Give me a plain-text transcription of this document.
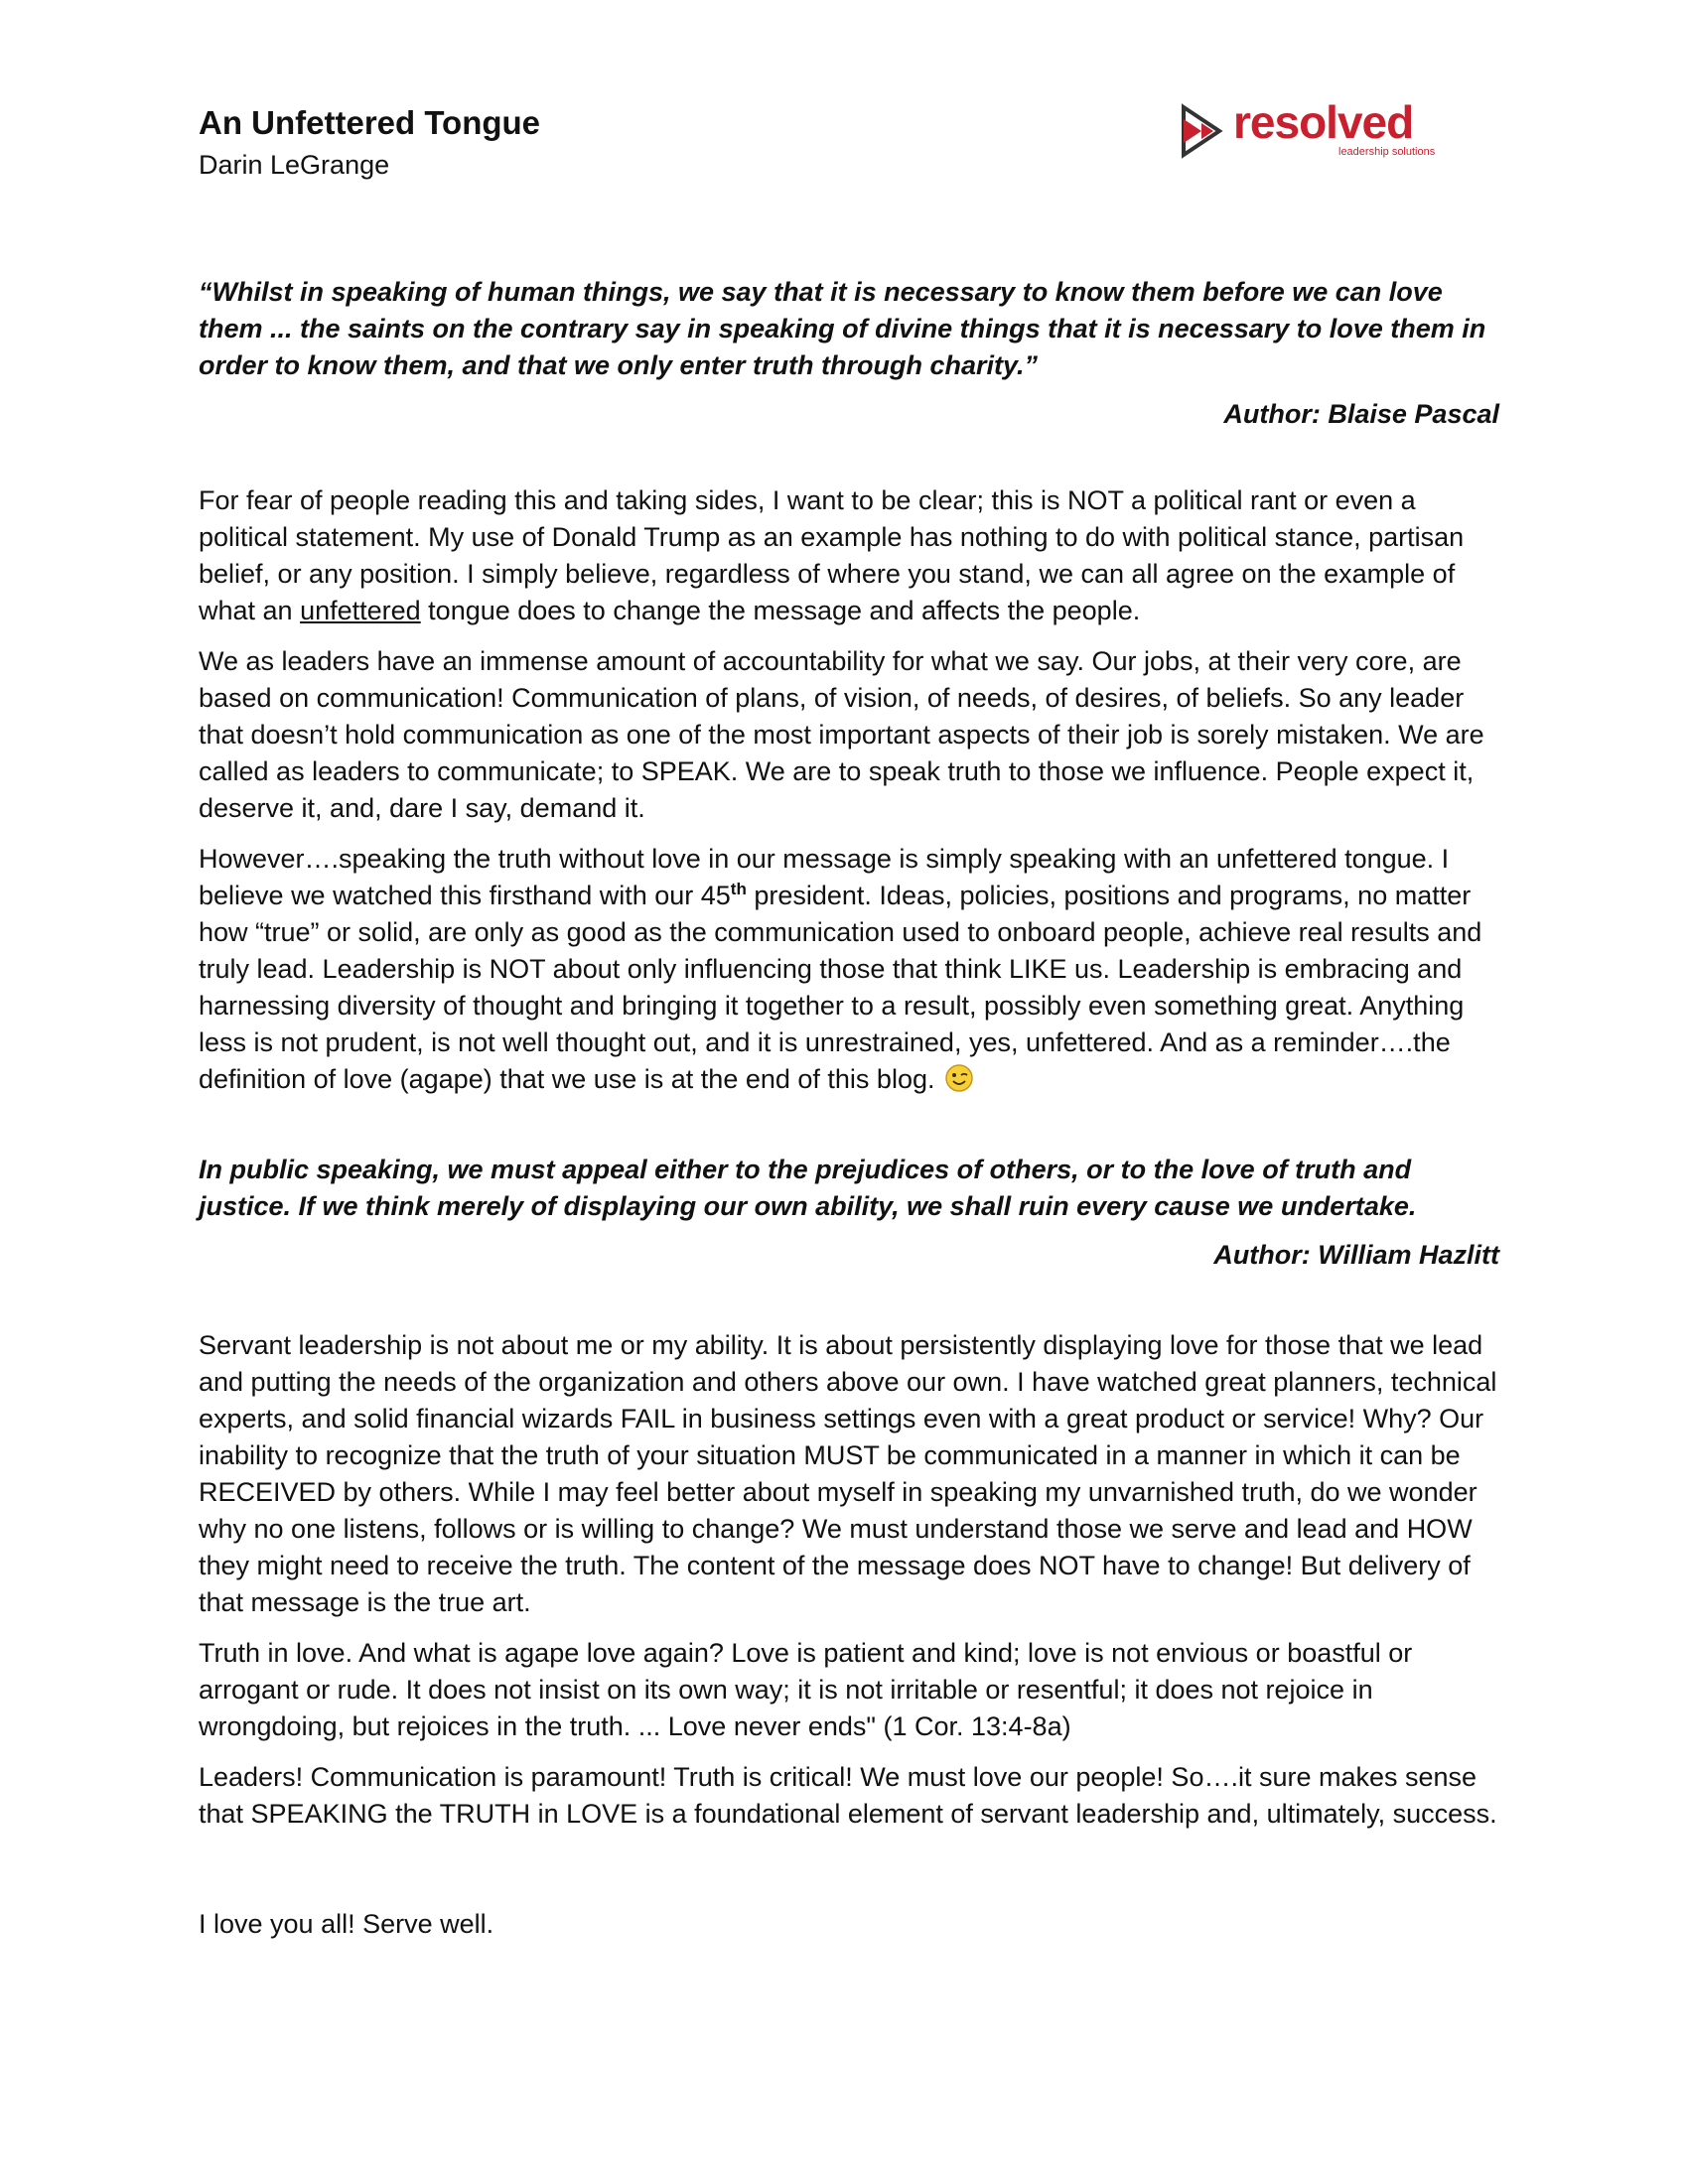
An Unfettered Tongue
Darin LeGrange
resolved
leadership solutions

“Whilst in speaking of human things, we say that it is necessary to know them before we can love them ... the saints on the contrary say in speaking of divine things that it is necessary to love them in order to know them, and that we only enter truth through charity.”

Author: Blaise Pascal

For fear of people reading this and taking sides, I want to be clear; this is NOT a political rant or even a political statement. My use of Donald Trump as an example has nothing to do with political stance, partisan belief, or any position. I simply believe, regardless of where you stand, we can all agree on the example of what an unfettered tongue does to change the message and affects the people.

We as leaders have an immense amount of accountability for what we say. Our jobs, at their very core, are based on communication! Communication of plans, of vision, of needs, of desires, of beliefs. So any leader that doesn’t hold communication as one of the most important aspects of their job is sorely mistaken. We are called as leaders to communicate; to SPEAK. We are to speak truth to those we influence. People expect it, deserve it, and, dare I say, demand it.

However….speaking the truth without love in our message is simply speaking with an unfettered tongue. I believe we watched this firsthand with our 45th president. Ideas, policies, positions and programs, no matter how “true” or solid, are only as good as the communication used to onboard people, achieve real results and truly lead. Leadership is NOT about only influencing those that think LIKE us. Leadership is embracing and harnessing diversity of thought and bringing it together to a result, possibly even something great. Anything less is not prudent, is not well thought out, and it is unrestrained, yes, unfettered. And as a reminder….the definition of love (agape) that we use is at the end of this blog.

In public speaking, we must appeal either to the prejudices of others, or to the love of truth and justice. If we think merely of displaying our own ability, we shall ruin every cause we undertake.

Author: William Hazlitt

Servant leadership is not about me or my ability. It is about persistently displaying love for those that we lead and putting the needs of the organization and others above our own. I have watched great planners, technical experts, and solid financial wizards FAIL in business settings even with a great product or service! Why? Our inability to recognize that the truth of your situation MUST be communicated in a manner in which it can be RECEIVED by others. While I may feel better about myself in speaking my unvarnished truth, do we wonder why no one listens, follows or is willing to change? We must understand those we serve and lead and HOW they might need to receive the truth. The content of the message does NOT have to change! But delivery of that message is the true art.

Truth in love. And what is agape love again? Love is patient and kind; love is not envious or boastful or arrogant or rude. It does not insist on its own way; it is not irritable or resentful; it does not rejoice in wrongdoing, but rejoices in the truth. ... Love never ends" (1 Cor. 13:4-8a)

Leaders! Communication is paramount! Truth is critical! We must love our people! So….it sure makes sense that SPEAKING the TRUTH in LOVE is a foundational element of servant leadership and, ultimately, success.

I love you all! Serve well.
